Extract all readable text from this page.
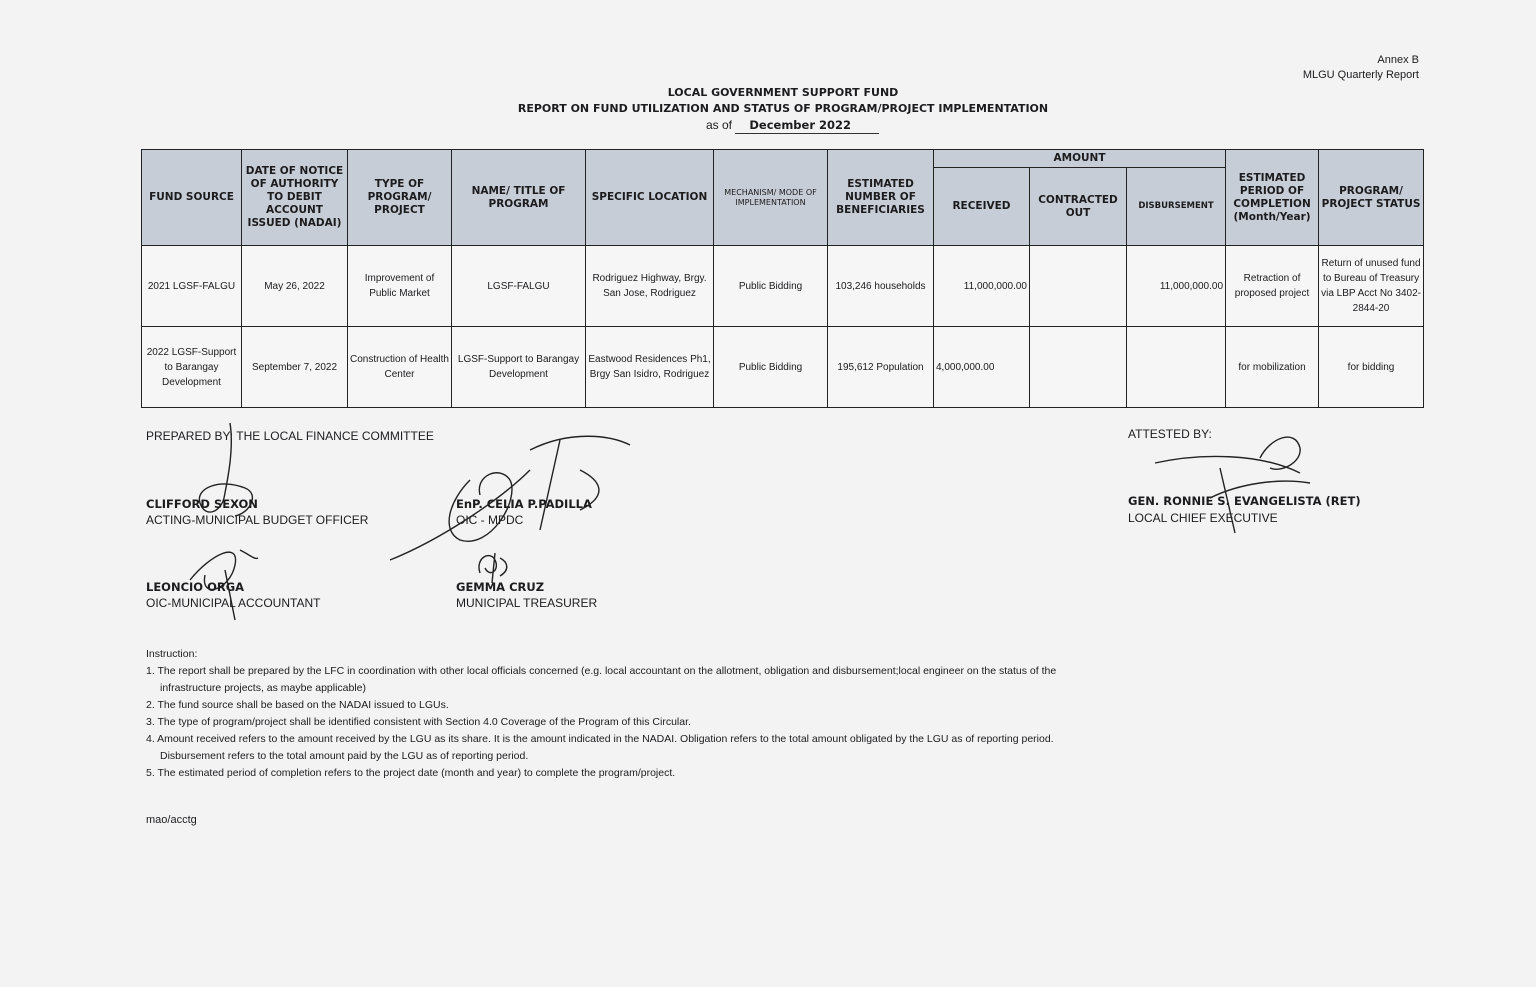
Annex B
MLGU Quarterly Report
LOCAL GOVERNMENT SUPPORT FUND
REPORT ON FUND UTILIZATION AND STATUS OF PROGRAM/PROJECT IMPLEMENTATION
as of December 2022
FUND SOURCE	DATE OF NOTICE OF AUTHORITY TO DEBIT ACCOUNT ISSUED (NADAI)	TYPE OF PROGRAM/ PROJECT	NAME/ TITLE OF PROGRAM	SPECIFIC LOCATION	MECHANISM/ MODE OF IMPLEMENTATION	ESTIMATED NUMBER OF BENEFICIARIES	AMOUNT			ESTIMATED PERIOD OF COMPLETION (Month/Year)	PROGRAM/ PROJECT STATUS
							RECEIVED	CONTRACTED OUT	DISBURSEMENT		
2021 LGSF-FALGU	May 26, 2022	Improvement of Public Market	LGSF-FALGU	Rodriguez Highway, Brgy. San Jose, Rodriguez	Public Bidding	103,246 households	11,000,000.00		11,000,000.00	Retraction of proposed project	Return of unused fund to Bureau of Treasury via LBP Acct No 3402-2844-20
2022 LGSF-Support to Barangay Development	September 7, 2022	Construction of Health Center	LGSF-Support to Barangay Development	Eastwood Residences Ph1, Brgy San Isidro, Rodriguez	Public Bidding	195,612 Population	4,000,000.00			for mobilization	for bidding
PREPARED BY: THE LOCAL FINANCE COMMITTEE	ATTESTED BY:
CLIFFORD SEXON
ACTING-MUNICIPAL BUDGET OFFICER
EnP. CELIA P.PADILLA
OIC - MPDC
LEONCIO ORGA
OIC-MUNICIPAL ACCOUNTANT
GEMMA CRUZ
MUNICIPAL TREASURER
GEN. RONNIE S. EVANGELISTA (RET)
LOCAL CHIEF EXECUTIVE

Instruction:

1. The report shall be prepared by the LFC in coordination with other local officials concerned (e.g. local accountant on the allotment, obligation and disbursement;local engineer on the status of the

infrastructure projects, as maybe applicable)

2. The fund source shall be based on the NADAI issued to LGUs.

3. The type of program/project shall be identified consistent with Section 4.0 Coverage of the Program of this Circular.

4. Amount received refers to the amount received by the LGU as its share. It is the amount indicated in the NADAI. Obligation refers to the total amount obligated by the LGU as of reporting period.

Disbursement refers to the total amount paid by the LGU as of reporting period.

5. The estimated period of completion refers to the project date (month and year) to complete the program/project.

mao/acctg
